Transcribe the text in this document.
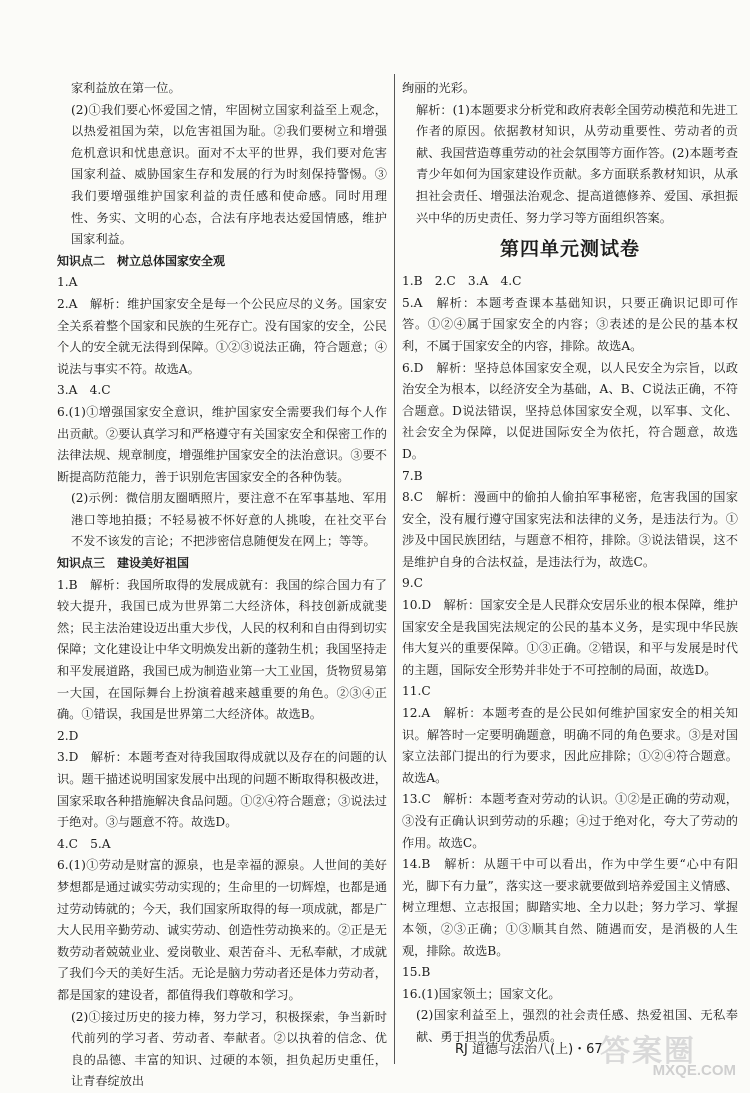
家利益放在第一位。

(2)①我们要心怀爱国之情，牢固树立国家利益至上观念，以热爱祖国为荣，以危害祖国为耻。②我们要树立和增强危机意识和忧患意识。面对不太平的世界，我们要对危害国家利益、威胁国家生存和发展的行为时刻保持警惕。③我们要增强维护国家利益的责任感和使命感。同时用理性、务实、文明的心态，合法有序地表达爱国情感，维护国家利益。

知识点二　树立总体国家安全观

1.A

2.A　解析：维护国家安全是每一个公民应尽的义务。国家安全关系着整个国家和民族的生死存亡。没有国家的安全，公民个人的安全就无法得到保障。①②③说法正确，符合题意；④说法与事实不符。故选A。

3.A　4.C

6.(1)①增强国家安全意识，维护国家安全需要我们每个人作出贡献。②要认真学习和严格遵守有关国家安全和保密工作的法律法规、规章制度，增强维护国家安全的法治意识。③要不断提高防范能力，善于识别危害国家安全的各种伪装。

(2)示例：微信朋友圈晒照片，要注意不在军事基地、军用港口等地拍摄；不轻易被不怀好意的人挑唆，在社交平台不发不该发的言论；不把涉密信息随便发在网上；等等。

知识点三　建设美好祖国

1.B　解析：我国所取得的发展成就有：我国的综合国力有了较大提升，我国已成为世界第二大经济体，科技创新成就斐然；民主法治建设迈出重大步伐，人民的权利和自由得到切实保障；文化建设让中华文明焕发出新的蓬勃生机；我国坚持走和平发展道路，我国已成为制造业第一大工业国，货物贸易第一大国，在国际舞台上扮演着越来越重要的角色。②③④正确。①错误，我国是世界第二大经济体。故选B。

2.D

3.D　解析：本题考查对待我国取得成就以及存在的问题的认识。题干描述说明国家发展中出现的问题不断取得积极改进，国家采取各种措施解决食品问题。①②④符合题意；③说法过于绝对。③与题意不符。故选D。

4.C　5.A

6.(1)①劳动是财富的源泉，也是幸福的源泉。人世间的美好梦想都是通过诚实劳动实现的；生命里的一切辉煌，也都是通过劳动铸就的；今天，我们国家所取得的每一项成就，都是广大人民用辛勤劳动、诚实劳动、创造性劳动换来的。②正是无数劳动者兢兢业业、爱岗敬业、艰苦奋斗、无私奉献，才成就了我们今天的美好生活。无论是脑力劳动者还是体力劳动者，都是国家的建设者，都值得我们尊敬和学习。

(2)①接过历史的接力棒，努力学习，积极探索，争当新时代前列的学习者、劳动者、奉献者。②以执着的信念、优良的品德、丰富的知识、过硬的本领，担负起历史重任，让青春绽放出

绚丽的光彩。

解析：(1)本题要求分析党和政府表彰全国劳动模范和先进工作者的原因。依据教材知识，从劳动重要性、劳动者的贡献、我国营造尊重劳动的社会氛围等方面作答。(2)本题考查青少年如何为国家建设作贡献。多方面联系教材知识，从承担社会责任、增强法治观念、提高道德修养、爱国、承担振兴中华的历史责任、努力学习等方面组织答案。

第四单元测试卷

1.B　2.C　3.A　4.C

5.A　解析：本题考查课本基础知识，只要正确识记即可作答。①②④属于国家安全的内容；③表述的是公民的基本权利，不属于国家安全的内容，排除。故选A。

6.D　解析：坚持总体国家安全观，以人民安全为宗旨，以政治安全为根本，以经济安全为基础，A、B、C说法正确，不符合题意。D说法错误，坚持总体国家安全观，以军事、文化、社会安全为保障，以促进国际安全为依托，符合题意，故选D。

7.B

8.C　解析：漫画中的偷拍人偷拍军事秘密，危害我国的国家安全，没有履行遵守国家宪法和法律的义务，是违法行为。①涉及中国民族团结，与题意不相符，排除。③说法错误，这不是维护自身的合法权益，是违法行为，故选C。

9.C

10.D　解析：国家安全是人民群众安居乐业的根本保障，维护国家安全是我国宪法规定的公民的基本义务，是实现中华民族伟大复兴的重要保障。①③正确。②错误，和平与发展是时代的主题，国际安全形势并非处于不可控制的局面，故选D。

11.C

12.A　解析：本题考查的是公民如何维护国家安全的相关知识。解答时一定要明确题意，明确不同的角色要求。③是对国家立法部门提出的行为要求，因此应排除；①②④符合题意。故选A。

13.C　解析：本题考查对劳动的认识。①②是正确的劳动观，③没有正确认识到劳动的乐趣；④过于绝对化，夸大了劳动的作用。故选C。

14.B　解析：从题干中可以看出，作为中学生要“心中有阳光，脚下有力量”，落实这一要求就要做到培养爱国主义情感、树立理想、立志报国；脚踏实地、全力以赴；努力学习、掌握本领，②③正确；①③顺其自然、随遇而安，是消极的人生观，排除。故选B。

15.B

16.(1)国家领土；国家文化。

(2)国家利益至上，强烈的社会责任感、热爱祖国、无私奉献、勇于担当的优秀品质。

RJ 道德与法治八(上)・67
答案圈
MXQE.COM
